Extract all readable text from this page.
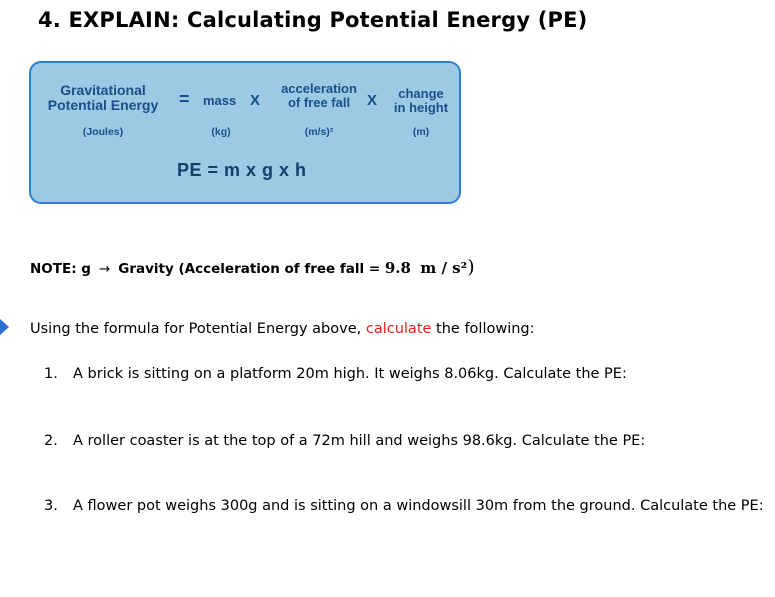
4. EXPLAIN: Calculating Potential Energy (PE)
Gravitational
Potential Energy
(Joules)
= mass X
(kg)
acceleration
of free fall
(m/s)²
X	change
in height
(m)
PE = m x g x h
NOTE: g → Gravity (Acceleration of free fall = 9.8 m / s²)
Using the formula for Potential Energy above, calculate the following:
1. A brick is sitting on a platform 20m high. It weighs 8.06kg. Calculate the PE:
2. A roller coaster is at the top of a 72m hill and weighs 98.6kg. Calculate the PE:
3. A flower pot weighs 300g and is sitting on a windowsill 30m from the ground. Calculate the PE:
